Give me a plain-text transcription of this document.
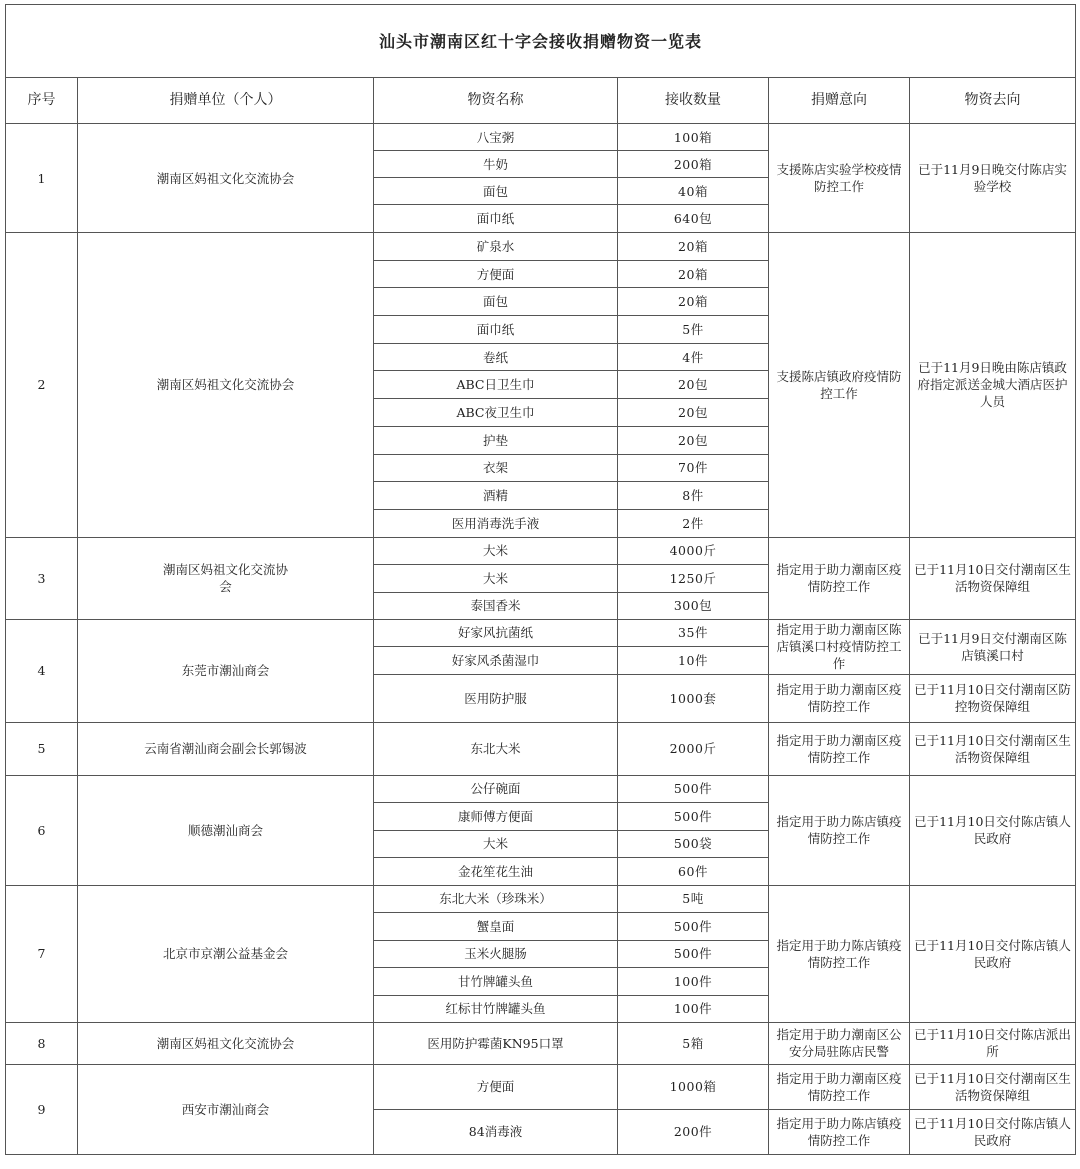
汕头市潮南区红十字会接收捐赠物资一览表					
序号	捐赠单位（个人）	物资名称	接收数量	捐赠意向	物资去向
1	潮南区妈祖文化交流协会	八宝粥	100箱	支援陈店实验学校疫情防控工作	已于11月9日晚交付陈店实验学校
		牛奶	200箱		
		面包	40箱		
		面巾纸	640包		
2	潮南区妈祖文化交流协会	矿泉水	20箱	支援陈店镇政府疫情防控工作	已于11月9日晚由陈店镇政府指定派送金城大酒店医护人员
		方便面	20箱		
		面包	20箱		
		面巾纸	5件		
		卷纸	4件		
		ABC日卫生巾	20包		
		ABC夜卫生巾	20包		
		护垫	20包		
		衣架	70件		
		酒精	8件		
		医用消毒洗手液	2件		
3	潮南区妈祖文化交流协会	大米	4000斤	指定用于助力潮南区疫情防控工作	已于11月10日交付潮南区生活物资保障组
		大米	1250斤		
		泰国香米	300包		
4	东莞市潮汕商会	好家风抗菌纸	35件	指定用于助力潮南区陈店镇溪口村疫情防控工作	已于11月9日交付潮南区陈店镇溪口村
		好家风杀菌湿巾	10件		
		医用防护服	1000套	指定用于助力潮南区疫情防控工作	已于11月10日交付潮南区防控物资保障组
5	云南省潮汕商会副会长郭锡波	东北大米	2000斤	指定用于助力潮南区疫情防控工作	已于11月10日交付潮南区生活物资保障组
6	顺德潮汕商会	公仔碗面	500件	指定用于助力陈店镇疫情防控工作	已于11月10日交付陈店镇人民政府
		康师傅方便面	500件		
		大米	500袋		
		金花笙花生油	60件		
7	北京市京潮公益基金会	东北大米（珍珠米）	5吨	指定用于助力陈店镇疫情防控工作	已于11月10日交付陈店镇人民政府
		蟹皇面	500件		
		玉米火腿肠	500件		
		甘竹牌罐头鱼	100件		
		红标甘竹牌罐头鱼	100件		
8	潮南区妈祖文化交流协会	医用防护霉菌KN95口罩	5箱	指定用于助力潮南区公安分局驻陈店民警	已于11月10日交付陈店派出所
9	西安市潮汕商会	方便面	1000箱	指定用于助力潮南区疫情防控工作	已于11月10日交付潮南区生活物资保障组
		84消毒液	200件	指定用于助力陈店镇疫情防控工作	已于11月10日交付陈店镇人民政府
